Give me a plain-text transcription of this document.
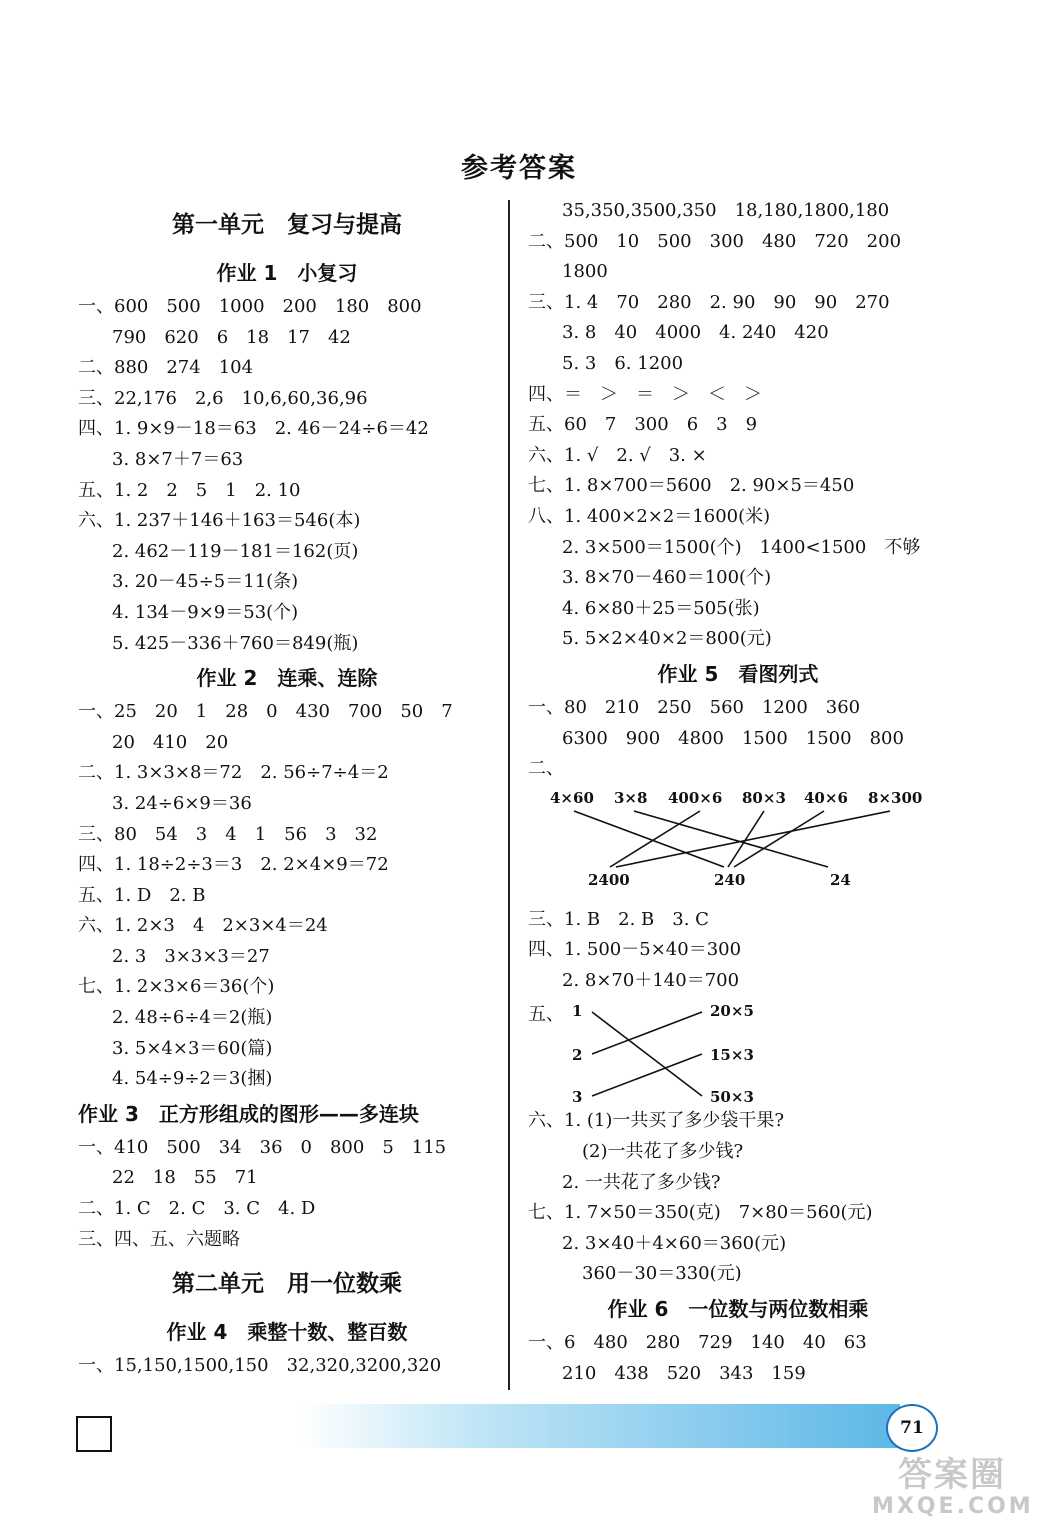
参考答案
第一单元　复习与提高
作业 1　小复习
一、600　500　1000　200　180　800
790　620　6　18　17　42
二、880　274　104
三、22,176　2,6　10,6,60,36,96
四、1. 9×9－18＝63　2. 46－24÷6＝42
3. 8×7＋7＝63
五、1. 2　2　5　1　2. 10
六、1. 237＋146＋163＝546(本)
2. 462－119－181＝162(页)
3. 20－45÷5＝11(条)
4. 134－9×9＝53(个)
5. 425－336＋760＝849(瓶)
作业 2　连乘、连除
一、25　20　1　28　0　430　700　50　7
20　410　20
二、1. 3×3×8＝72　2. 56÷7÷4＝2
3. 24÷6×9＝36
三、80　54　3　4　1　56　3　32
四、1. 18÷2÷3＝3　2. 2×4×9＝72
五、1. D　2. B
六、1. 2×3　4　2×3×4＝24
2. 3　3×3×3＝27
七、1. 2×3×6＝36(个)
2. 48÷6÷4＝2(瓶)
3. 5×4×3＝60(篇)
4. 54÷9÷2＝3(捆)
作业 3　正方形组成的图形——多连块
一、410　500　34　36　0　800　5　115
22　18　55　71
二、1. C　2. C　3. C　4. D
三、四、五、六题略
第二单元　用一位数乘
作业 4　乘整十数、整百数
一、15,150,1500,150　32,320,3200,320
35,350,3500,350　18,180,1800,180
二、500　10　500　300　480　720　200
1800
三、1. 4　70　280　2. 90　90　90　270
3. 8　40　4000　4. 240　420
5. 3　6. 1200
四、＝　＞　＝　＞　＜　＞
五、60　7　300　6　3　9
六、1. √　2. √　3. ×
七、1. 8×700＝5600　2. 90×5＝450
八、1. 400×2×2＝1600(米)
2. 3×500＝1500(个)　1400<1500　不够
3. 8×70－460＝100(个)
4. 6×80＋25＝505(张)
5. 5×2×40×2＝800(元)
作业 5　看图列式
一、80　210　250　560　1200　360
6300　900　4800　1500　1500　800
二、
4×60 3×8 400×6 80×3 40×6 8×300
2400	240	24
三、1. B　2. B　3. C
四、1. 500－5×40＝300
2. 8×70＋140＝700
五、 1
2
3
20×5
15×3
50×3
六、1. (1)一共买了多少袋干果?
(2)一共花了多少钱?
2. 一共花了多少钱?
七、1. 7×50＝350(克)　7×80＝560(元)
2. 3×40＋4×60＝360(元)
360－30＝330(元)
作业 6　一位数与两位数相乘
一、6　480　280　729　140　40　63
210　438　520　343　159
71
答案圈
MXQE.COM
